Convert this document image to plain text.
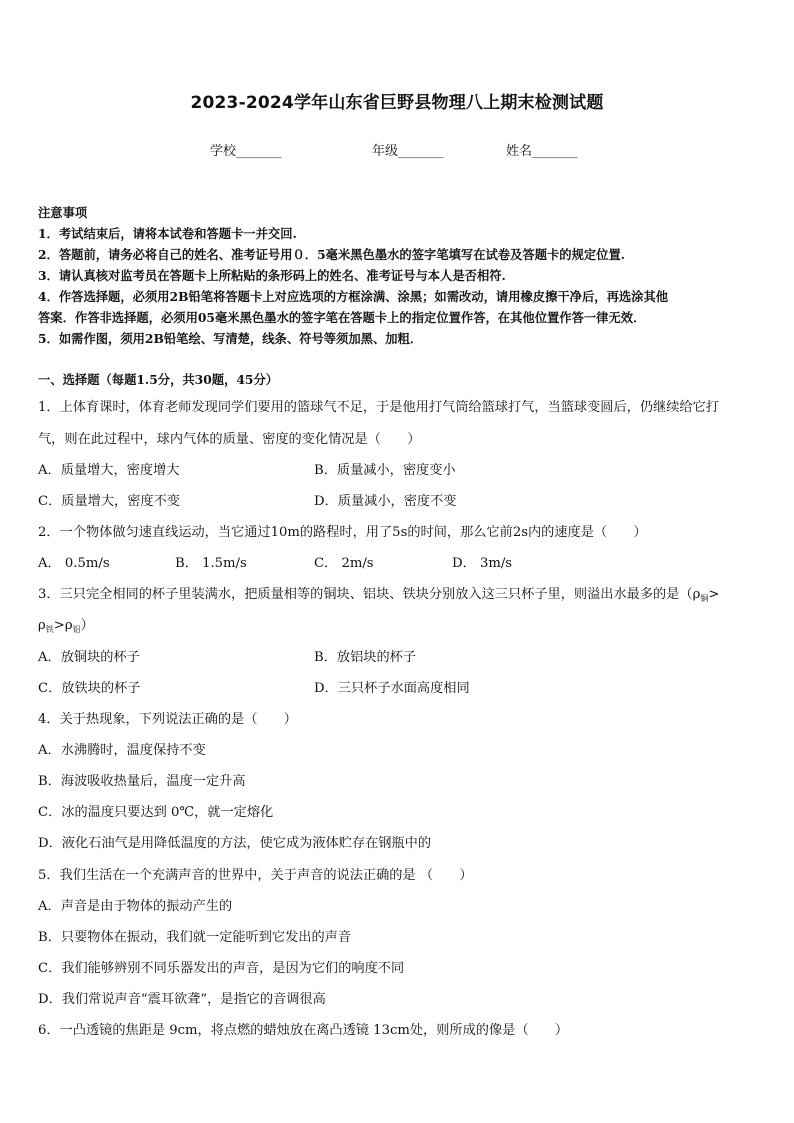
2023-2024学年山东省巨野县物理八上期末检测试题
学校_______	年级_______	姓名_______
注意事项
1．考试结束后，请将本试卷和答题卡一并交回.
2．答题前，请务必将自己的姓名、准考证号用０．5毫米黑色墨水的签字笔填写在试卷及答题卡的规定位置.
3．请认真核对监考员在答题卡上所粘贴的条形码上的姓名、准考证号与本人是否相符.
4．作答选择题，必须用2B铅笔将答题卡上对应选项的方框涂满、涂黑；如需改动，请用橡皮擦干净后，再选涂其他
答案．作答非选择题，必须用05毫米黑色墨水的签字笔在答题卡上的指定位置作答，在其他位置作答一律无效．
5．如需作图，须用2B铅笔绘、写清楚，线条、符号等须加黑、加粗．
一、选择题（每题1.5分，共30题，45分）
1．上体育课时，体育老师发现同学们要用的篮球气不足，于是他用打气筒给篮球打气，当篮球变圆后，仍继续给它打
气，则在此过程中，球内气体的质量、密度的变化情况是（　　）
A．质量增大，密度增大	B．质量减小，密度变小
C．质量增大，密度不变	D．质量减小，密度不变
2．一个物体做匀速直线运动，当它通过10m的路程时，用了5s的时间，那么它前2s内的速度是（　　）
A． 0.5m/s	B． 1.5m/s	C． 2m/s	D． 3m/s
3．三只完全相同的杯子里装满水，把质量相等的铜块、铝块、铁块分别放入这三只杯子里，则溢出水最多的是（$\rho_铜>$
$\rho_铁>\rho_铝$）
A．放铜块的杯子	B．放铝块的杯子
C．放铁块的杯子	D．三只杯子水面高度相同
4．关于热现象，下列说法正确的是（　　）
A．水沸腾时，温度保持不变
B．海波吸收热量后，温度一定升高
C．冰的温度只要达到 0℃，就一定熔化
D．液化石油气是用降低温度的方法，使它成为液体贮存在钢瓶中的
5．我们生活在一个充满声音的世界中，关于声音的说法正确的是 （　　）
A．声音是由于物体的振动产生的
B．只要物体在振动，我们就一定能听到它发出的声音
C．我们能够辨别不同乐器发出的声音，是因为它们的响度不同
D．我们常说声音“震耳欲聋”，是指它的音调很高
6．一凸透镜的焦距是 9cm，将点燃的蜡烛放在离凸透镜 13cm处，则所成的像是（　　）
